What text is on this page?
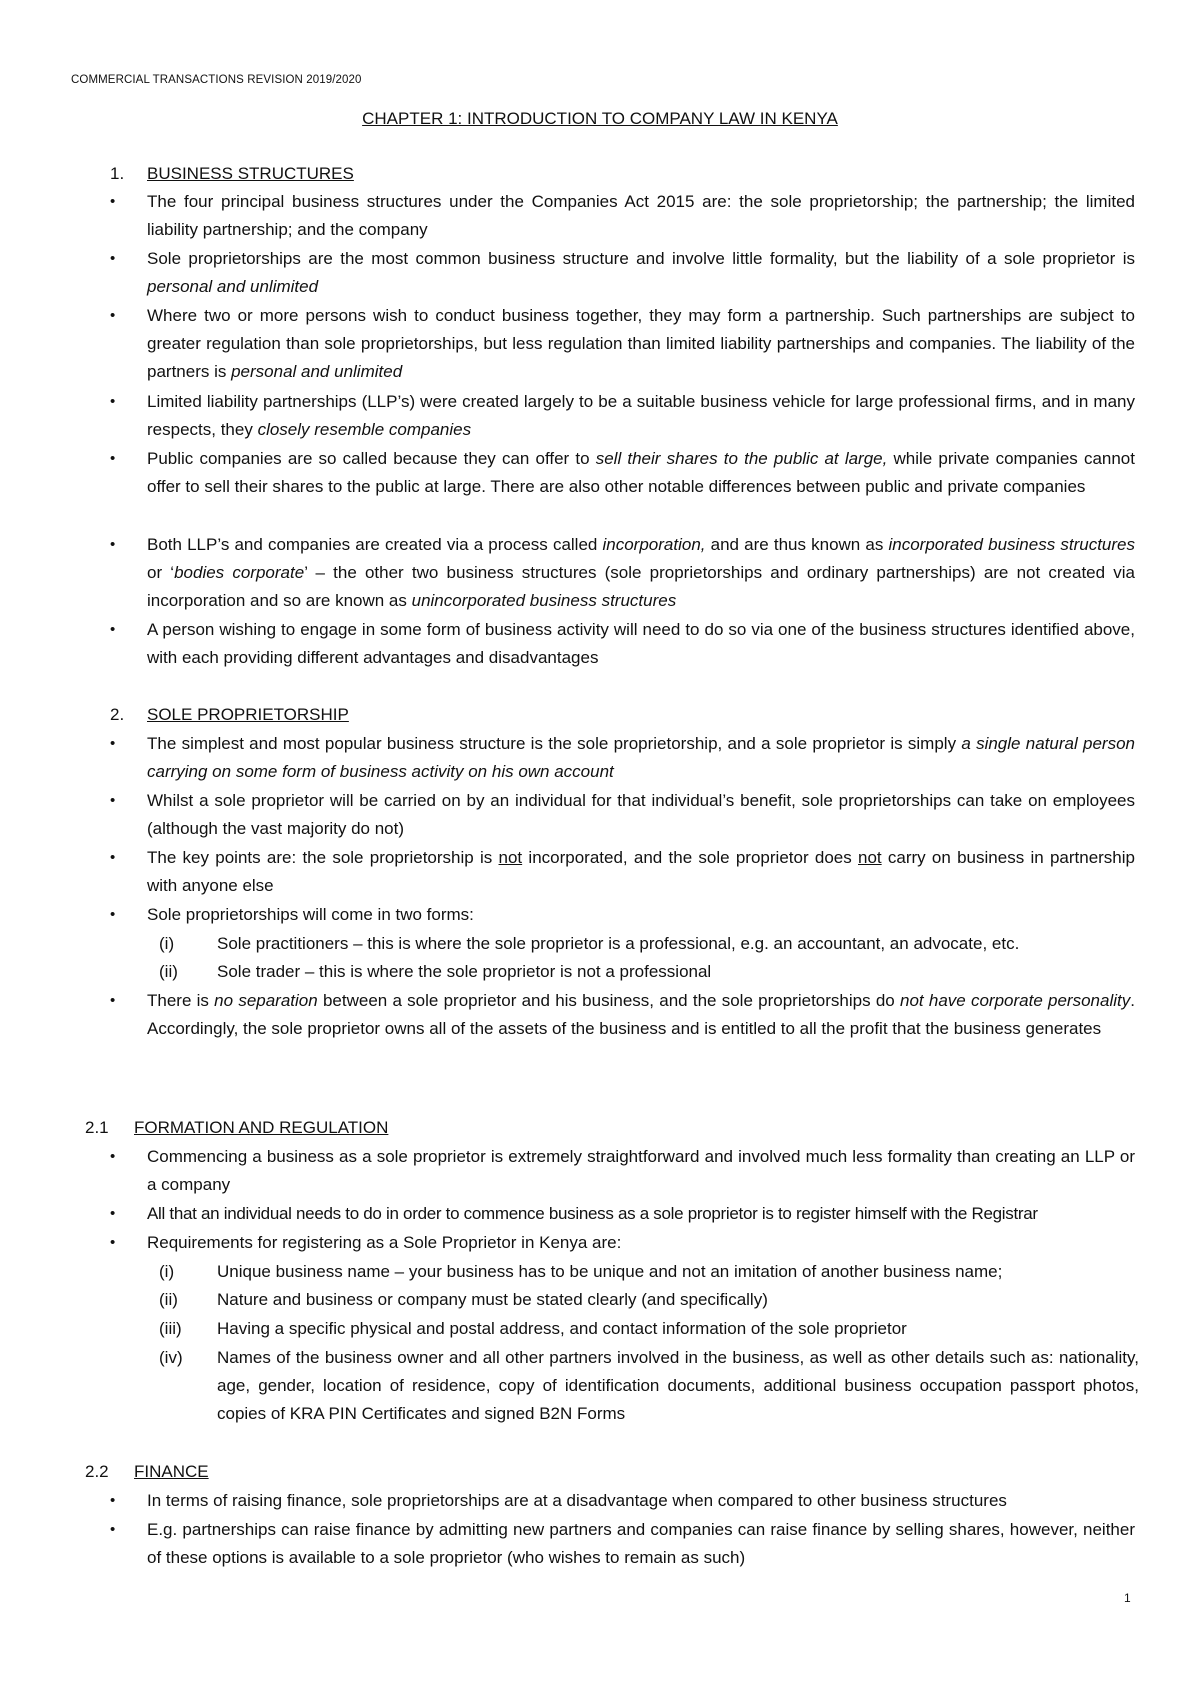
COMMERCIAL TRANSACTIONS REVISION 2019/2020
CHAPTER 1: INTRODUCTION TO COMPANY LAW IN KENYA
1. BUSINESS STRUCTURES
• The four principal business structures under the Companies Act 2015 are: the sole proprietorship; the partnership; the limited liability partnership; and the company
• Sole proprietorships are the most common business structure and involve little formality, but the liability of a sole proprietor is personal and unlimited
• Where two or more persons wish to conduct business together, they may form a partnership. Such partnerships are subject to greater regulation than sole proprietorships, but less regulation than limited liability partnerships and companies. The liability of the partners is personal and unlimited
• Limited liability partnerships (LLP’s) were created largely to be a suitable business vehicle for large professional firms, and in many respects, they closely resemble companies
• Public companies are so called because they can offer to sell their shares to the public at large, while private companies cannot offer to sell their shares to the public at large. There are also other notable differences between public and private companies
• Both LLP’s and companies are created via a process called incorporation, and are thus known as incorporated business structures or ‘bodies corporate’ – the other two business structures (sole proprietorships and ordinary partnerships) are not created via incorporation and so are known as unincorporated business structures
• A person wishing to engage in some form of business activity will need to do so via one of the business structures identified above, with each providing different advantages and disadvantages
2. SOLE PROPRIETORSHIP
• The simplest and most popular business structure is the sole proprietorship, and a sole proprietor is simply a single natural person carrying on some form of business activity on his own account
• Whilst a sole proprietor will be carried on by an individual for that individual’s benefit, sole proprietorships can take on employees (although the vast majority do not)
• The key points are: the sole proprietorship is not incorporated, and the sole proprietor does not carry on business in partnership with anyone else
• Sole proprietorships will come in two forms:
(i)	Sole practitioners – this is where the sole proprietor is a professional, e.g. an accountant, an advocate, etc.
(ii) Sole trader – this is where the sole proprietor is not a professional
• There is no separation between a sole proprietor and his business, and the sole proprietorships do not have corporate personality. Accordingly, the sole proprietor owns all of the assets of the business and is entitled to all the profit that the business generates
2.1 FORMATION AND REGULATION
• Commencing a business as a sole proprietor is extremely straightforward and involved much less formality than creating an LLP or a company
• All that an individual needs to do in order to commence business as a sole proprietor is to register himself with the Registrar
• Requirements for registering as a Sole Proprietor in Kenya are:
(i)	Unique business name – your business has to be unique and not an imitation of another business name;
(ii) Nature and business or company must be stated clearly (and specifically)
(iii) Having a specific physical and postal address, and contact information of the sole proprietor
(iv) Names of the business owner and all other partners involved in the business, as well as other details such as: nationality, age, gender, location of residence, copy of identification documents, additional business occupation passport photos, copies of KRA PIN Certificates and signed B2N Forms
2.2 FINANCE
• In terms of raising finance, sole proprietorships are at a disadvantage when compared to other business structures
• E.g. partnerships can raise finance by admitting new partners and companies can raise finance by selling shares, however, neither of these options is available to a sole proprietor (who wishes to remain as such)
1
